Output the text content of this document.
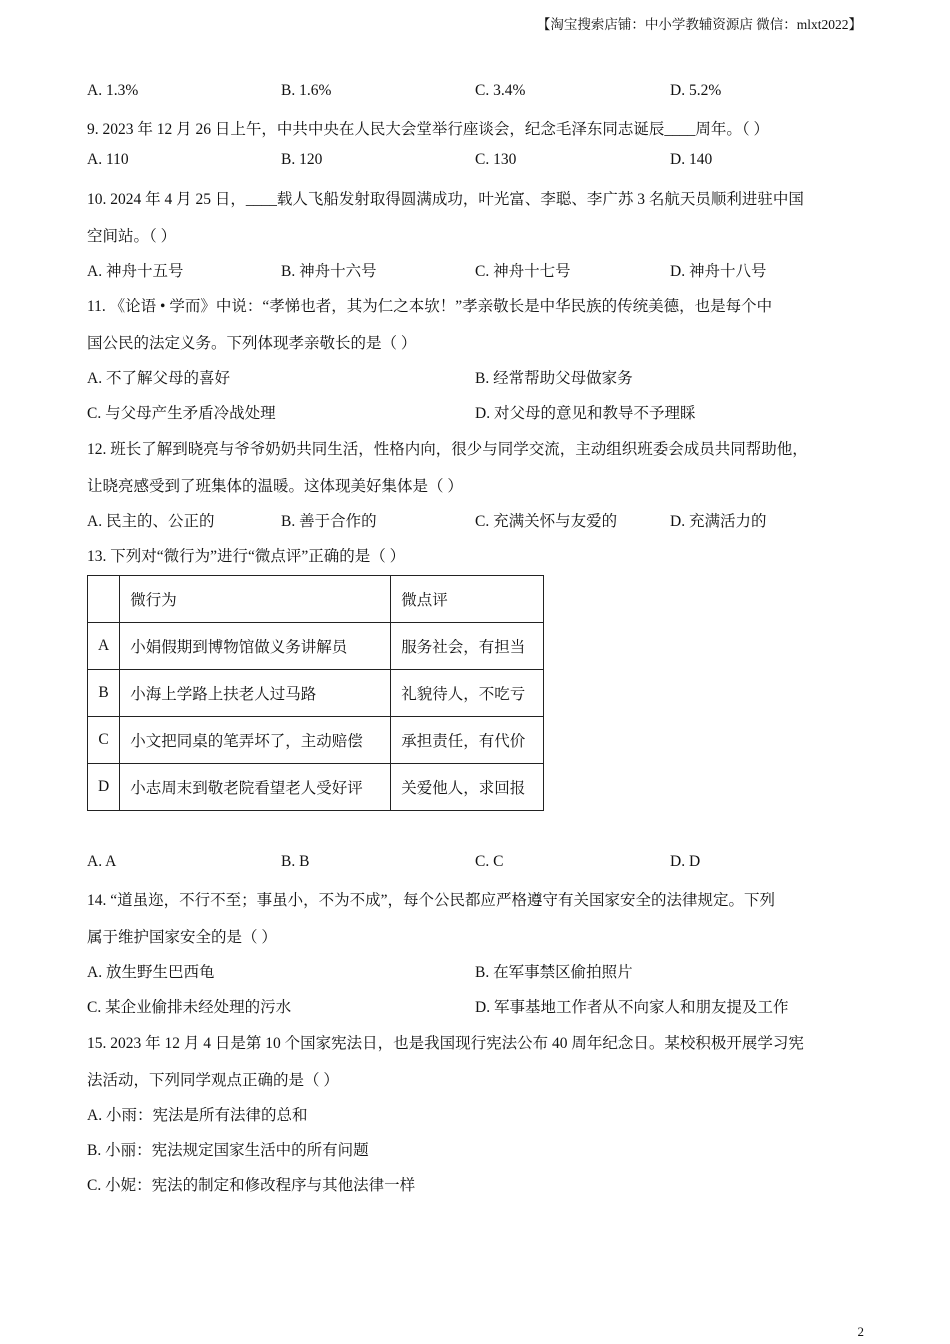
【淘宝搜索店铺：中小学教辅资源店 微信：mlxt2022】
A. 1.3%	B. 1.6%	C. 3.4%	D. 5.2%
9. 2023 年 12 月 26 日上午，中共中央在人民大会堂举行座谈会，纪念毛泽东同志诞辰____周年。（ ）
A. 110	B. 120	C. 130	D. 140
10. 2024 年 4 月 25 日，____载人飞船发射取得圆满成功，叶光富、李聪、李广苏 3 名航天员顺利进驻中国
空间站。（ ）
A. 神舟十五号	B. 神舟十六号	C. 神舟十七号	D. 神舟十八号
11. 《论语 • 学而》中说：“孝悌也者，其为仁之本欤！”孝亲敬长是中华民族的传统美德，也是每个中
国公民的法定义务。下列体现孝亲敬长的是（ ）
A. 不了解父母的喜好	B. 经常帮助父母做家务
C. 与父母产生矛盾冷战处理	D. 对父母的意见和教导不予理睬
12. 班长了解到晓亮与爷爷奶奶共同生活，性格内向，很少与同学交流，主动组织班委会成员共同帮助他，
让晓亮感受到了班集体的温暖。这体现美好集体是（ ）
A. 民主的、公正的	B. 善于合作的	C. 充满关怀与友爱的	D. 充满活力的
13. 下列对“微行为”进行“微点评”正确的是（ ）
	微行为	微点评
A	小娟假期到博物馆做义务讲解员	服务社会，有担当
B	小海上学路上扶老人过马路	礼貌待人，不吃亏
C	小文把同桌的笔弄坏了，主动赔偿	承担责任，有代价
D	小志周末到敬老院看望老人受好评	关爱他人，求回报
A. A	B. B	C. C	D. D
14. “道虽迩，不行不至；事虽小，不为不成”，每个公民都应严格遵守有关国家安全的法律规定。下列
属于维护国家安全的是（ ）
A. 放生野生巴西龟	B. 在军事禁区偷拍照片
C. 某企业偷排未经处理的污水	D. 军事基地工作者从不向家人和朋友提及工作
15. 2023 年 12 月 4 日是第 10 个国家宪法日，也是我国现行宪法公布 40 周年纪念日。某校积极开展学习宪
法活动，下列同学观点正确的是（ ）
A. 小雨：宪法是所有法律的总和
B. 小丽：宪法规定国家生活中的所有问题
C. 小妮：宪法的制定和修改程序与其他法律一样
2
